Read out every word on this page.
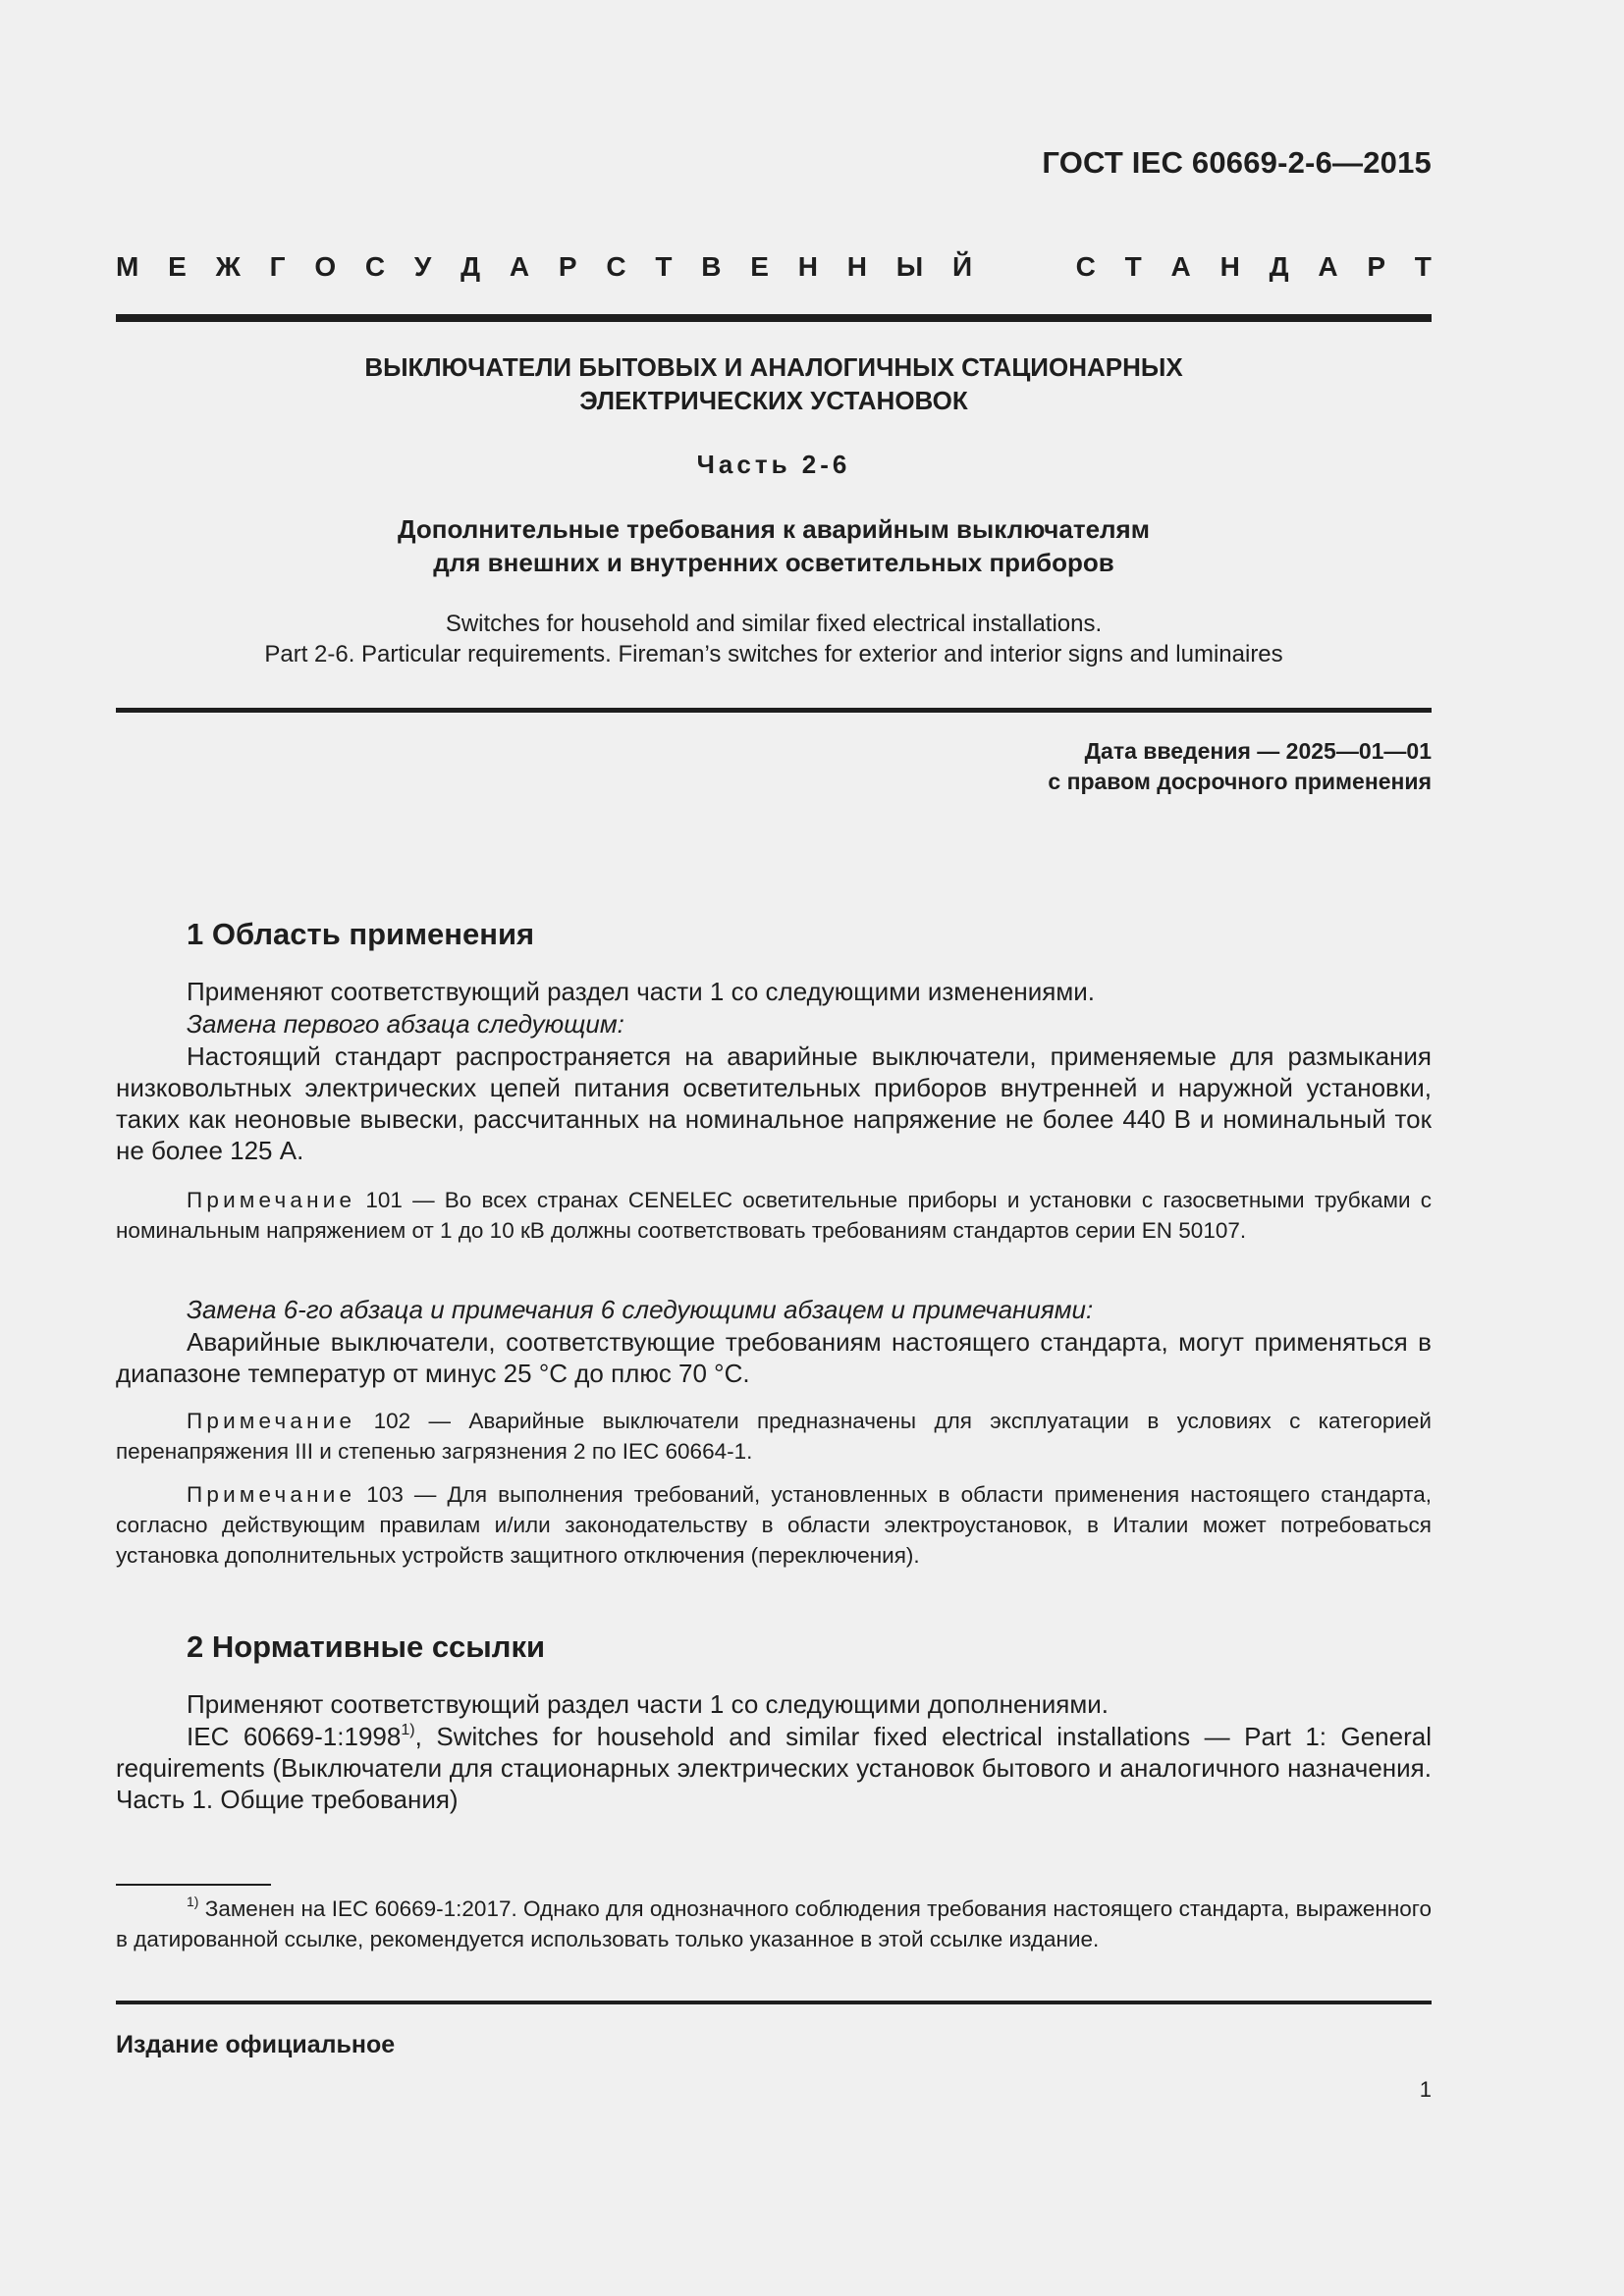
ГОСТ IEC 60669-2-6—2015
М Е Ж Г О С У Д А Р С Т В Е Н Н Ы Й	С Т А Н Д А Р Т
ВЫКЛЮЧАТЕЛИ БЫТОВЫХ И АНАЛОГИЧНЫХ СТАЦИОНАРНЫХ
ЭЛЕКТРИЧЕСКИХ УСТАНОВОК
Часть 2-6
Дополнительные требования к аварийным выключателям
для внешних и внутренних осветительных приборов
Switches for household and similar fixed electrical installations.
Part 2-6. Particular requirements. Fireman’s switches for exterior and interior signs and luminaires
Дата введения — 2025—01—01
с правом досрочного применения
1 Область применения
Применяют соответствующий раздел части 1 со следующими изменениями.
Замена первого абзаца следующим:
Настоящий стандарт распространяется на аварийные выключатели, применяемые для размыкания низковольтных электрических цепей питания осветительных приборов внутренней и наружной установки, таких как неоновые вывески, рассчитанных на номинальное напряжение не более 440 В и номинальный ток не более 125 А.
Примечание 101 — Во всех странах CENELEC осветительные приборы и установки с газосветными трубками с номинальным напряжением от 1 до 10 кВ должны соответствовать требованиям стандартов серии EN 50107.
Замена 6-го абзаца и примечания 6 следующими абзацем и примечаниями:
Аварийные выключатели, соответствующие требованиям настоящего стандарта, могут применяться в диапазоне температур от минус 25 °C до плюс 70 °C.
Примечание 102 — Аварийные выключатели предназначены для эксплуатации в условиях с категорией перенапряжения III и степенью загрязнения 2 по IEC 60664-1.
Примечание 103 — Для выполнения требований, установленных в области применения настоящего стандарта, согласно действующим правилам и/или законодательству в области электроустановок, в Италии может потребоваться установка дополнительных устройств защитного отключения (переключения).
2 Нормативные ссылки
Применяют соответствующий раздел части 1 со следующими дополнениями.
IEC 60669-1:1998$^{1)}$, Switches for household and similar fixed electrical installations — Part 1: General requirements (Выключатели для стационарных электрических установок бытового и аналогичного назначения. Часть 1. Общие требования)
$^{1)}$ Заменен на IEC 60669-1:2017. Однако для однозначного соблюдения требования настоящего стандарта, выраженного в датированной ссылке, рекомендуется использовать только указанное в этой ссылке издание.
Издание официальное
1
